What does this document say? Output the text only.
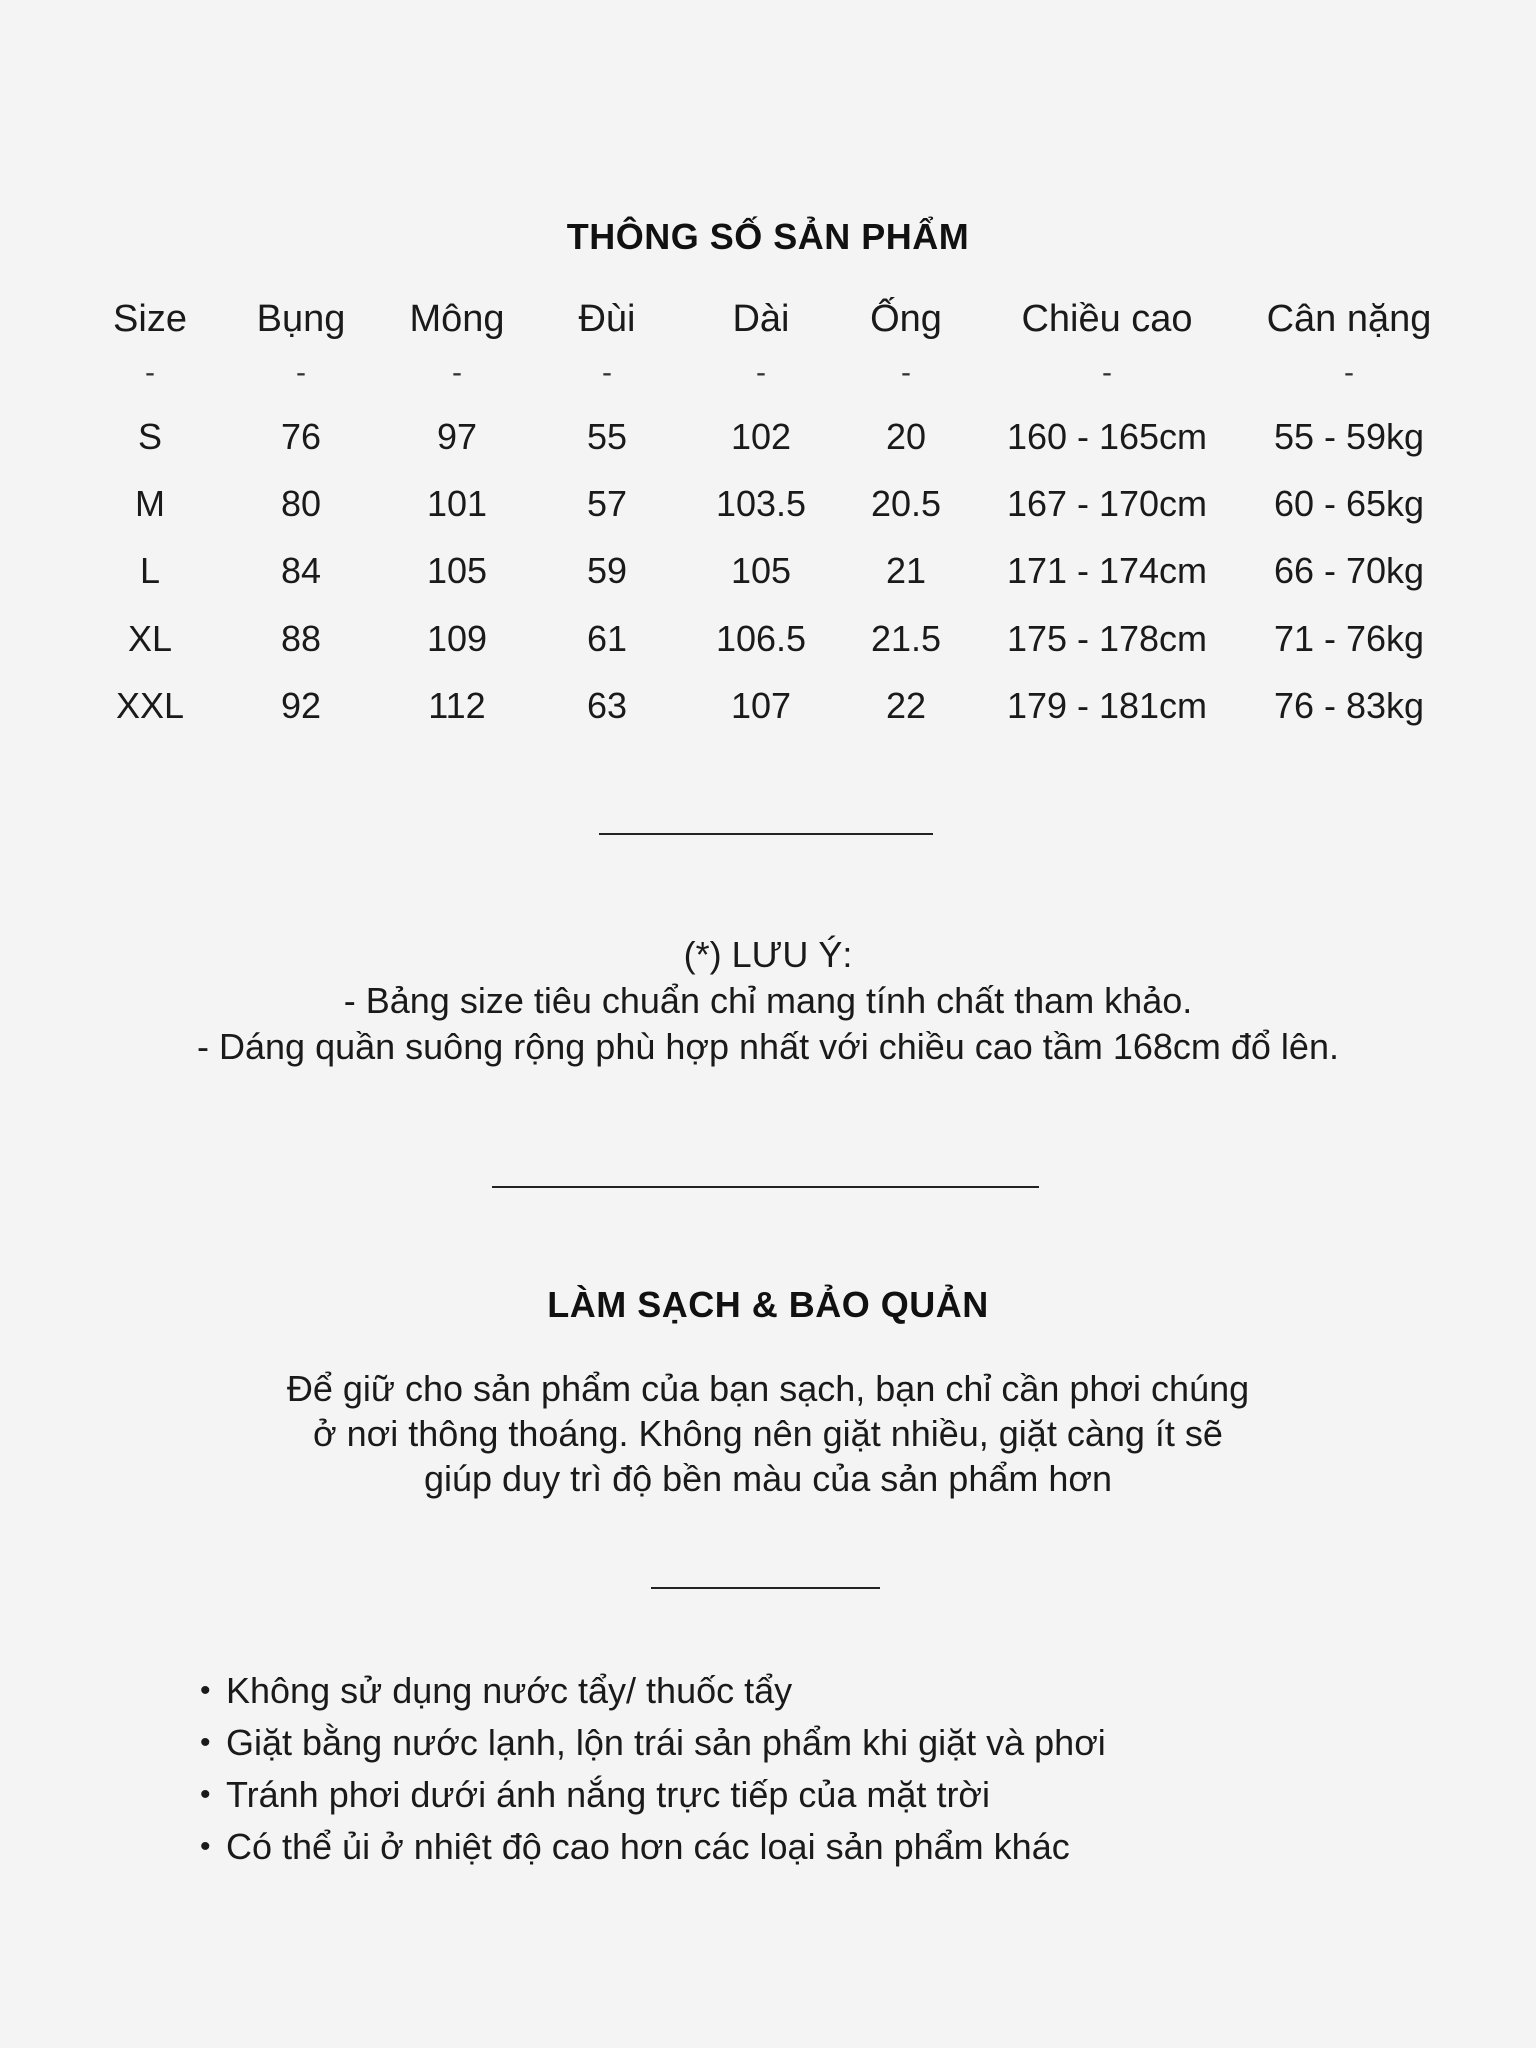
THÔNG SỐ SẢN PHẨM
Size	Bụng	Mông	Đùi	Dài	Ống	Chiều cao	Cân nặng
-	-	-	-	-	-	-	-
S	76	97	55	102	20	160 - 165cm	55 - 59kg
M	80	101	57	103.5	20.5	167 - 170cm	60 - 65kg
L	84	105	59	105	21	171 - 174cm	66 - 70kg
XL	88	109	61	106.5	21.5	175 - 178cm	71 - 76kg
XXL	92	112	63	107	22	179 - 181cm	76 - 83kg
(*) LƯU Ý:
- Bảng size tiêu chuẩn chỉ mang tính chất tham khảo.
- Dáng quần suông rộng phù hợp nhất với chiều cao tầm 168cm đổ lên.
LÀM SẠCH & BẢO QUẢN
Để giữ cho sản phẩm của bạn sạch, bạn chỉ cần phơi chúng
ở nơi thông thoáng. Không nên giặt nhiều, giặt càng ít sẽ
giúp duy trì độ bền màu của sản phẩm hơn
• Không sử dụng nước tẩy/ thuốc tẩy
• Giặt bằng nước lạnh, lộn trái sản phẩm khi giặt và phơi
• Tránh phơi dưới ánh nắng trực tiếp của mặt trời
• Có thể ủi ở nhiệt độ cao hơn các loại sản phẩm khác
